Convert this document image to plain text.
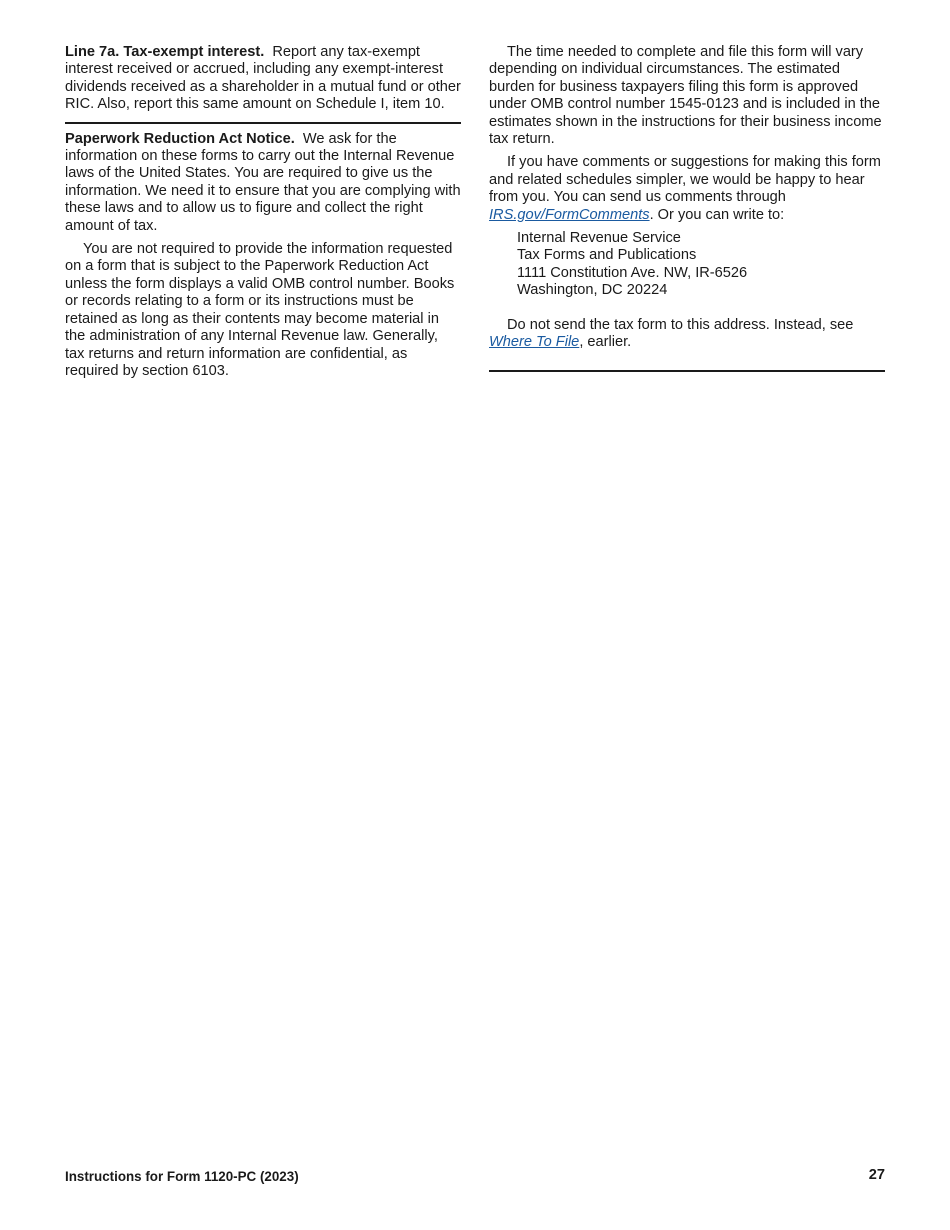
Line 7a. Tax-exempt interest. Report any tax-exempt interest received or accrued, including any exempt-interest dividends received as a shareholder in a mutual fund or other RIC. Also, report this same amount on Schedule I, item 10.

Paperwork Reduction Act Notice. We ask for the information on these forms to carry out the Internal Revenue laws of the United States. You are required to give us the information. We need it to ensure that you are complying with these laws and to allow us to figure and collect the right amount of tax.

You are not required to provide the information requested on a form that is subject to the Paperwork Reduction Act unless the form displays a valid OMB control number. Books or records relating to a form or its instructions must be retained as long as their contents may become material in the administration of any Internal Revenue law. Generally, tax returns and return information are confidential, as required by section 6103.

The time needed to complete and file this form will vary depending on individual circumstances. The estimated burden for business taxpayers filing this form is approved under OMB control number 1545-0123 and is included in the estimates shown in the instructions for their business income tax return.

If you have comments or suggestions for making this form and related schedules simpler, we would be happy to hear from you. You can send us comments through IRS.gov/FormComments. Or you can write to:

Internal Revenue Service
Tax Forms and Publications
1111 Constitution Ave. NW, IR-6526
Washington, DC 20224

Do not send the tax form to this address. Instead, see Where To File, earlier.

Instructions for Form 1120-PC (2023)	27
